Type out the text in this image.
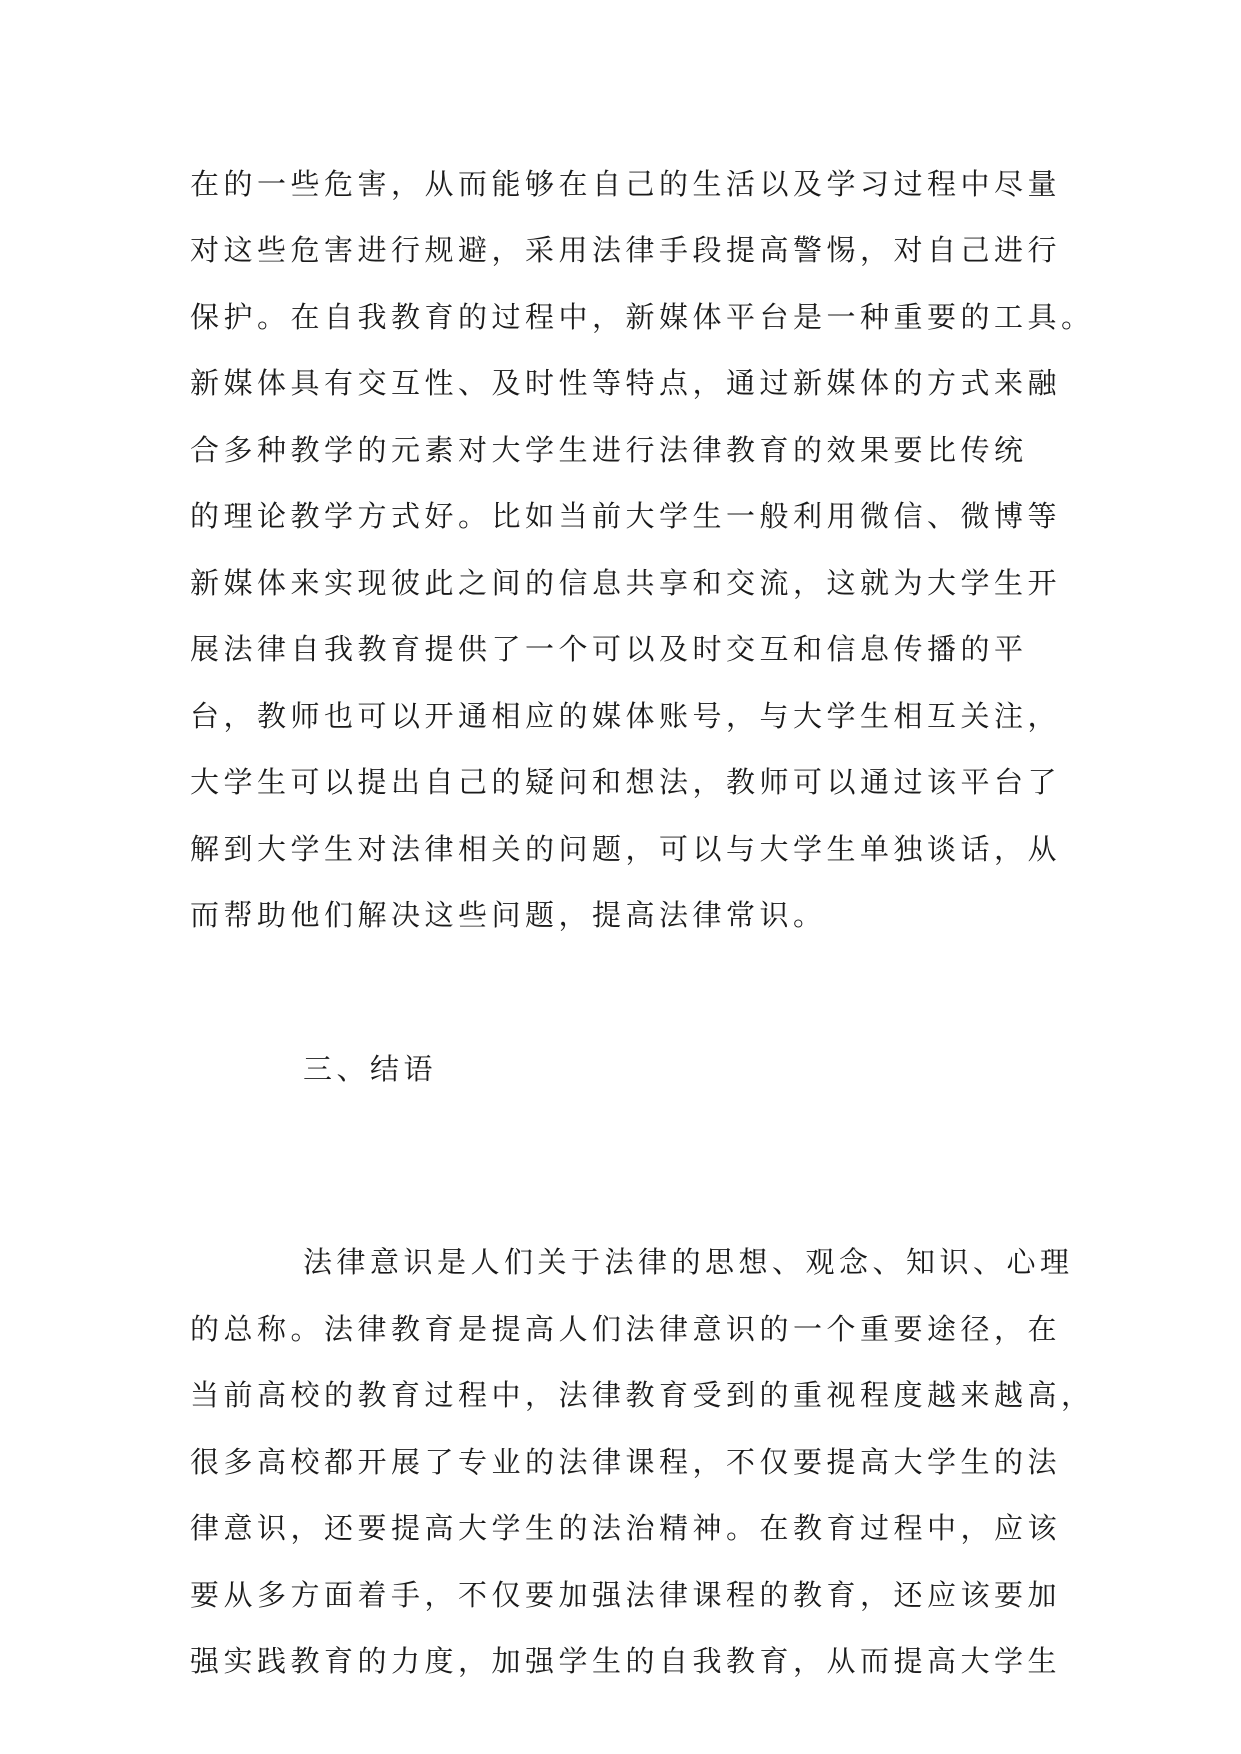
在的一些危害，从而能够在自己的生活以及学习过程中尽量
对这些危害进行规避，采用法律手段提高警惕，对自己进行
保护。在自我教育的过程中，新媒体平台是一种重要的工具。
新媒体具有交互性、及时性等特点，通过新媒体的方式来融
合多种教学的元素对大学生进行法律教育的效果要比传统
的理论教学方式好。比如当前大学生一般利用微信、微博等
新媒体来实现彼此之间的信息共享和交流，这就为大学生开
展法律自我教育提供了一个可以及时交互和信息传播的平
台，教师也可以开通相应的媒体账号，与大学生相互关注，
大学生可以提出自己的疑问和想法，教师可以通过该平台了
解到大学生对法律相关的问题，可以与大学生单独谈话，从
而帮助他们解决这些问题，提高法律常识。
三、结语
法律意识是人们关于法律的思想、观念、知识、心理
的总称。法律教育是提高人们法律意识的一个重要途径，在
当前高校的教育过程中，法律教育受到的重视程度越来越高，
很多高校都开展了专业的法律课程，不仅要提高大学生的法
律意识，还要提高大学生的法治精神。在教育过程中，应该
要从多方面着手，不仅要加强法律课程的教育，还应该要加
强实践教育的力度，加强学生的自我教育，从而提高大学生
